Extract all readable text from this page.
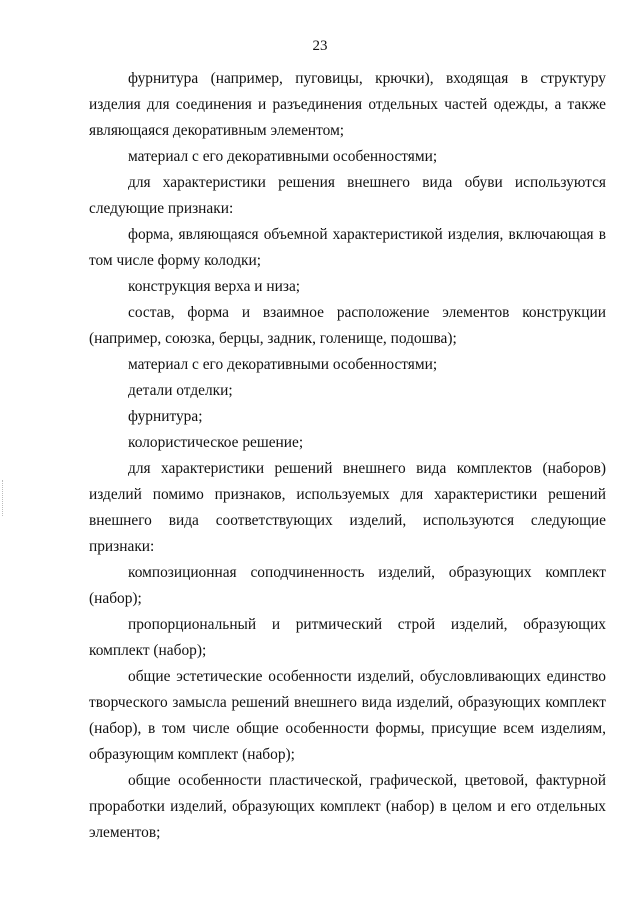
23

фурнитура (например, пуговицы, крючки), входящая в структуру изделия для соединения и разъединения отдельных частей одежды, а также являющаяся декоративным элементом;

материал с его декоративными особенностями;

для характеристики решения внешнего вида обуви используются следующие признаки:

форма, являющаяся объемной характеристикой изделия, включающая в том числе форму колодки;

конструкция верха и низа;

состав, форма и взаимное расположение элементов конструкции (например, союзка, берцы, задник, голенище, подошва);

материал с его декоративными особенностями;

детали отделки;

фурнитура;

колористическое решение;

для характеристики решений внешнего вида комплектов (наборов) изделий помимо признаков, используемых для характеристики решений внешнего вида соответствующих изделий, используются следующие признаки:

композиционная соподчиненность изделий, образующих комплект (набор);

пропорциональный и ритмический строй изделий, образующих комплект (набор);

общие эстетические особенности изделий, обусловливающих единство творческого замысла решений внешнего вида изделий, образующих комплект (набор), в том числе общие особенности формы, присущие всем изделиям, образующим комплект (набор);

общие особенности пластической, графической, цветовой, фактурной проработки изделий, образующих комплект (набор) в целом и его отдельных элементов;
